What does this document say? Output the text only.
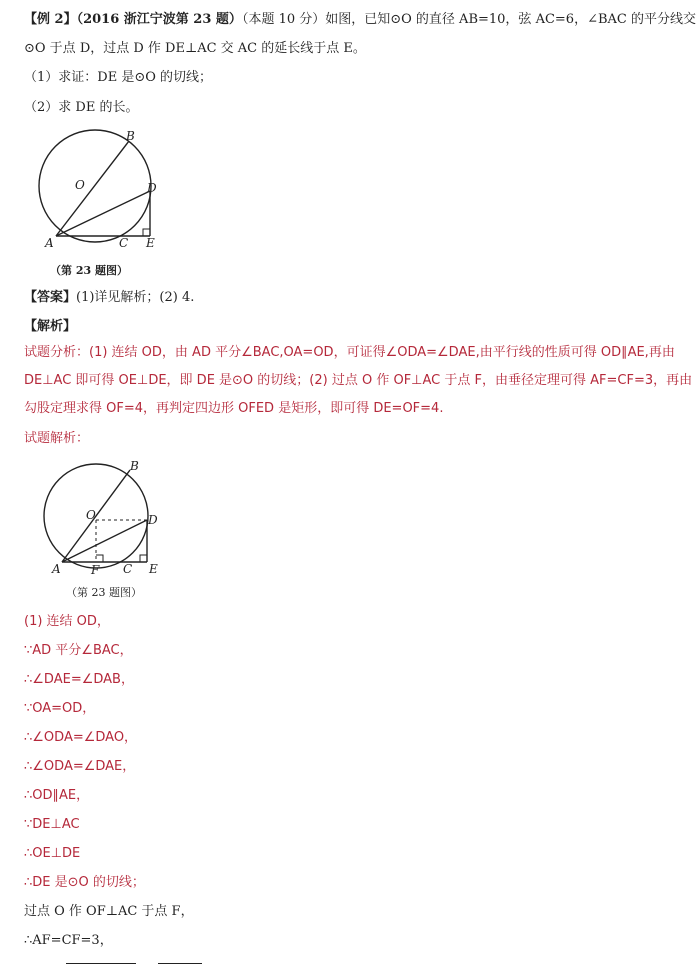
【例 2】（2016 浙江宁波第 23 题）（本题 10 分）如图，已知⊙O 的直径 AB=10，弦 AC=6，∠BAC 的平分线交
⊙O 于点 D，过点 D 作 DE⊥AC 交 AC 的延长线于点 E。
（1）求证：DE 是⊙O 的切线；
（2）求 DE 的长。
A
B
C
D
E
O
（第 23 题图）
【答案】(1)详见解析；(2) 4.
【解析】
试题分析：(1) 连结 OD，由 AD 平分∠BAC,OA=OD，可证得∠ODA=∠DAE,由平行线的性质可得 OD∥AE,再由
DE⊥AC 即可得 OE⊥DE，即 DE 是⊙O 的切线；(2) 过点 O 作 OF⊥AC 于点 F，由垂径定理可得 AF=CF=3，再由
勾股定理求得 OF=4，再判定四边形 OFED 是矩形，即可得 DE=OF=4.
试题解析：
A
B
C
D
E
F
O
（第 23 题图）
(1) 连结 OD，
∵AD 平分∠BAC，
∴∠DAE=∠DAB，
∵OA=OD，
∴∠ODA=∠DAO，
∴∠ODA=∠DAE，
∴OD∥AE，
∵DE⊥AC
∴OE⊥DE
∴DE 是⊙O 的切线；
过点 O 作 OF⊥AC 于点 F，
∴AF=CF=3，
